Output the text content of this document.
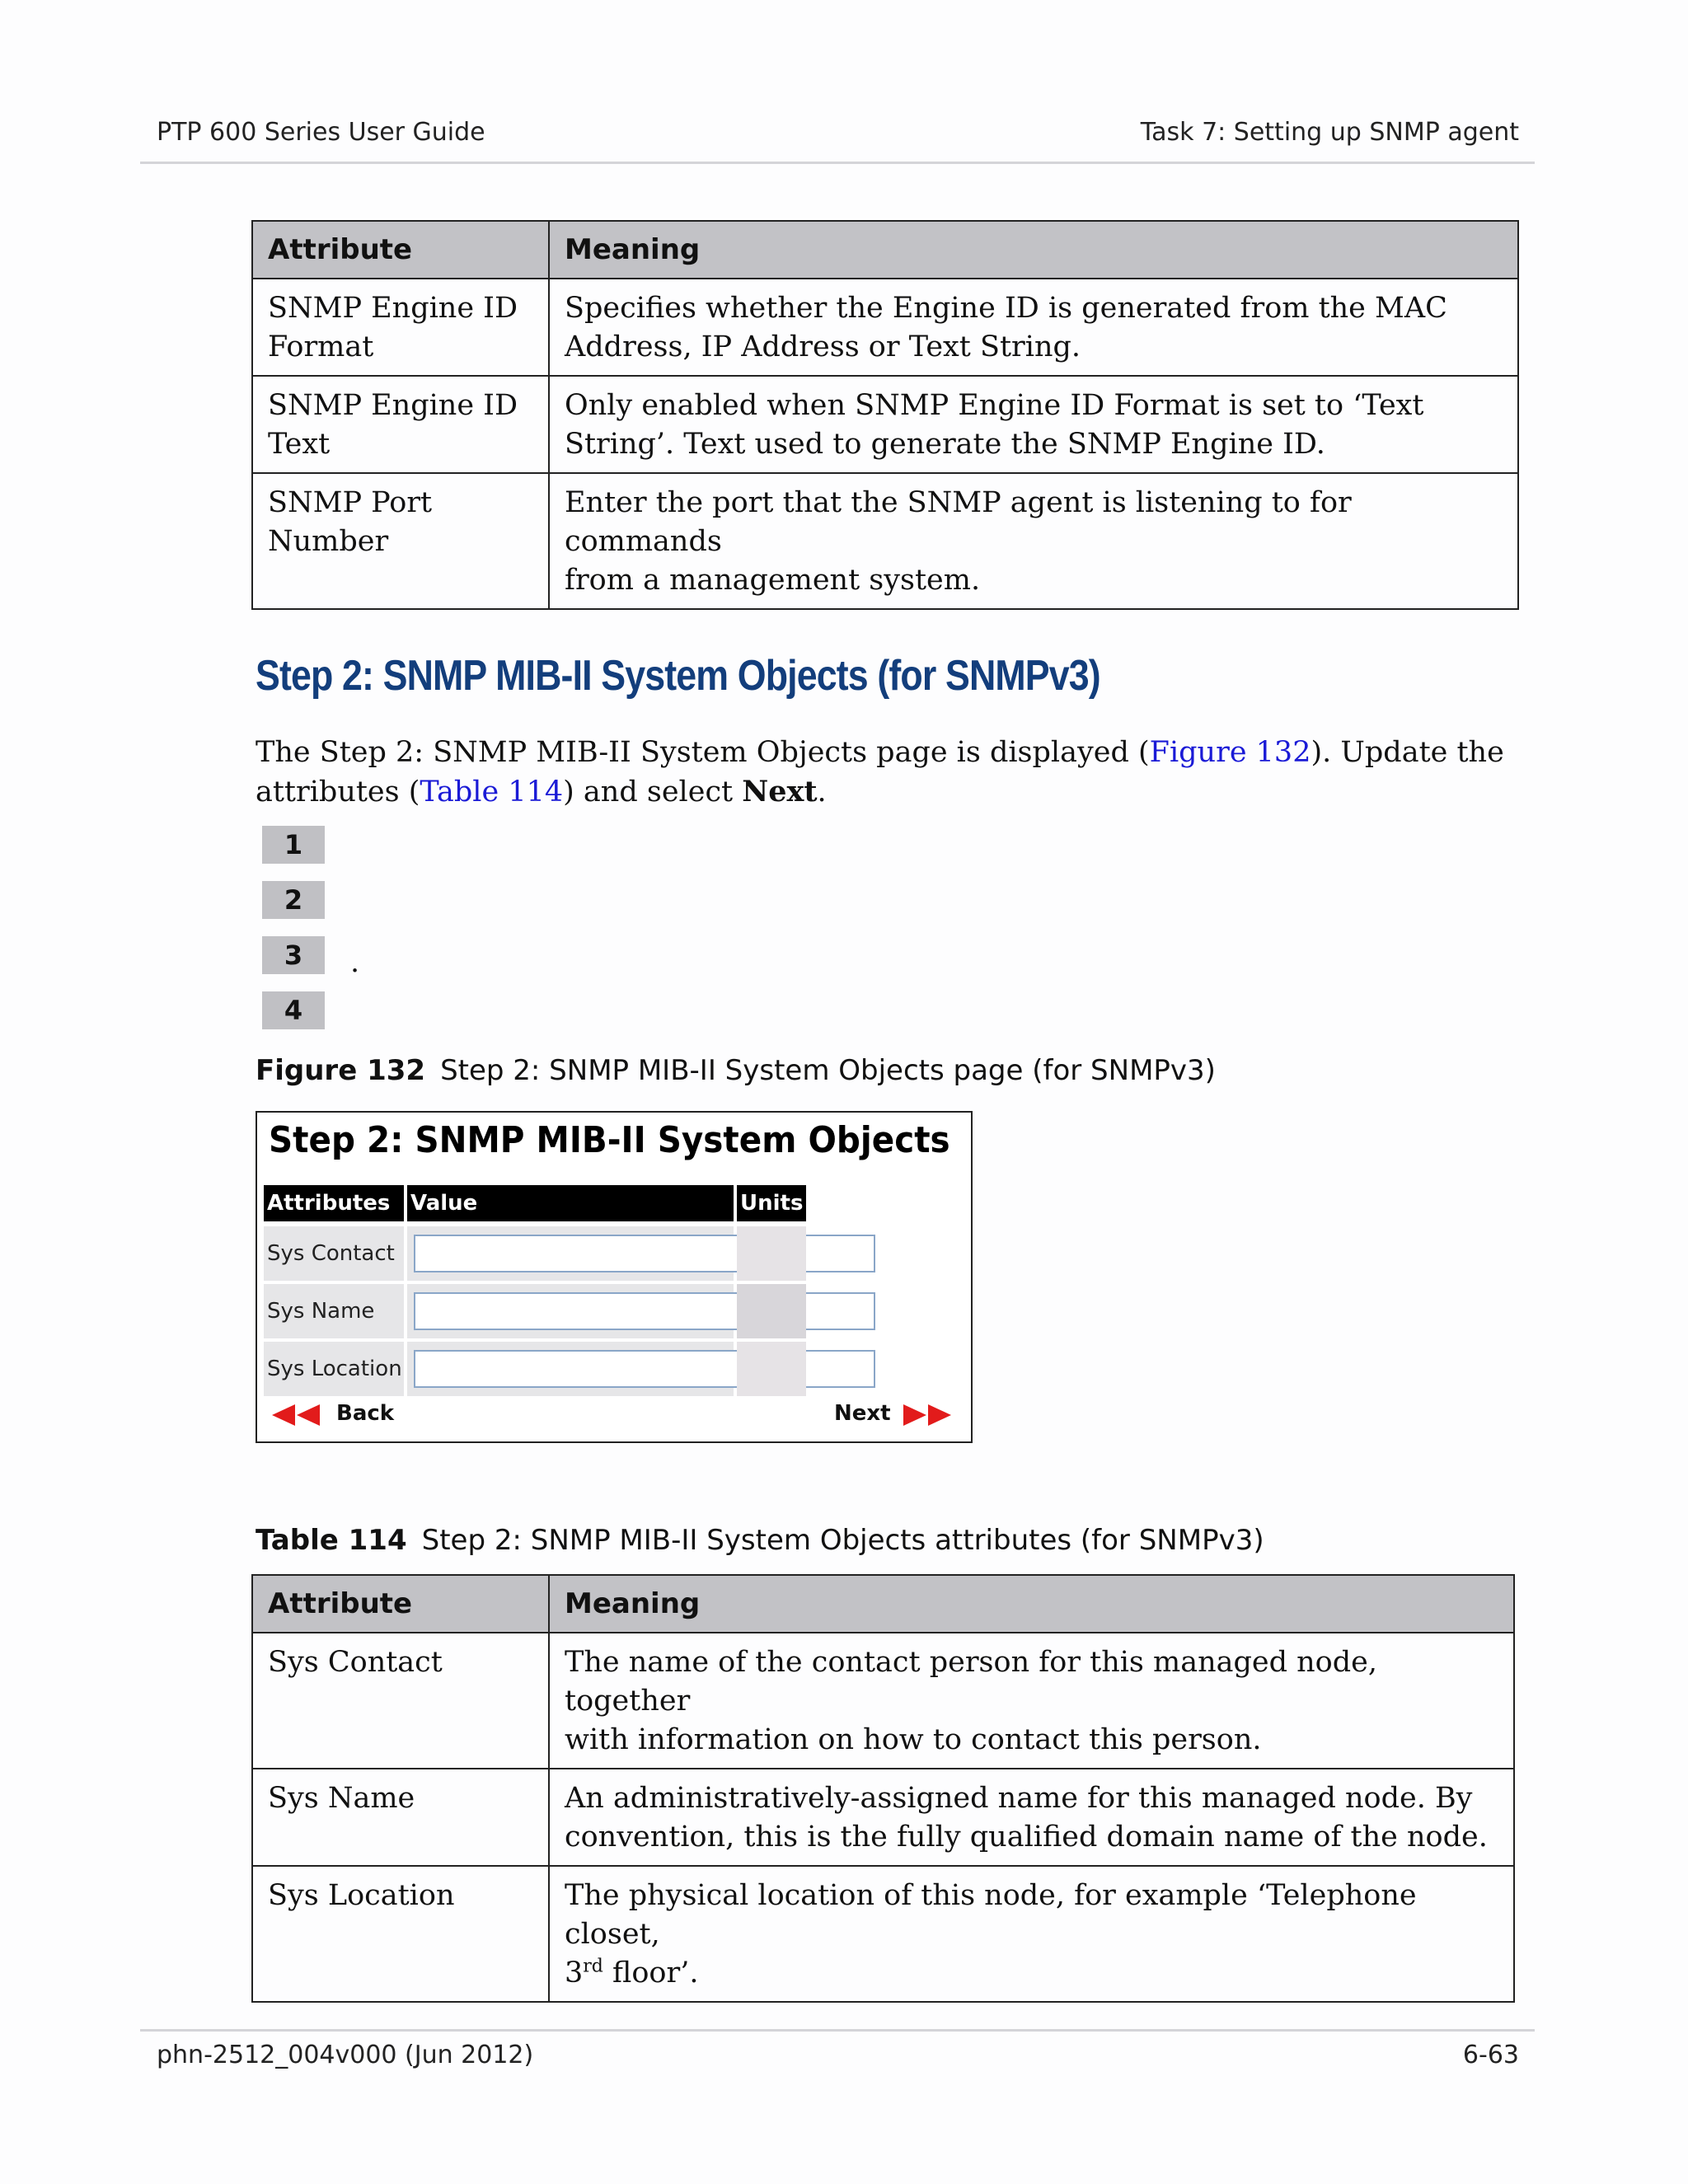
PTP 600 Series User Guide	Task 7: Setting up SNMP agent
Attribute	Meaning
SNMP Engine ID
Format	Specifies whether the Engine ID is generated from the MAC
Address, IP Address or Text String.
SNMP Engine ID
Text	Only enabled when SNMP Engine ID Format is set to ‘Text
String’. Text used to generate the SNMP Engine ID.
SNMP Port
Number	Enter the port that the SNMP agent is listening to for commands
from a management system.
Step 2: SNMP MIB-II System Objects (for SNMPv3)
The Step 2: SNMP MIB-II System Objects page is displayed (Figure 132). Update the attributes (Table 114) and select Next.
1
2
3	.
4
Figure 132 Step 2: SNMP MIB-II System Objects page (for SNMPv3)
Step 2: SNMP MIB-II System Objects
Attributes Value	Units
Sys Contact
Sys Name
Sys Location
Back	Next
Table 114 Step 2: SNMP MIB-II System Objects attributes (for SNMPv3)
Attribute	Meaning
Sys Contact	The name of the contact person for this managed node, together
with information on how to contact this person.
Sys Name	An administratively-assigned name for this managed node. By
convention, this is the fully qualified domain name of the node.
Sys Location	The physical location of this node, for example ‘Telephone closet,
3rd floor’.
phn-2512_004v000 (Jun 2012)	6-63
